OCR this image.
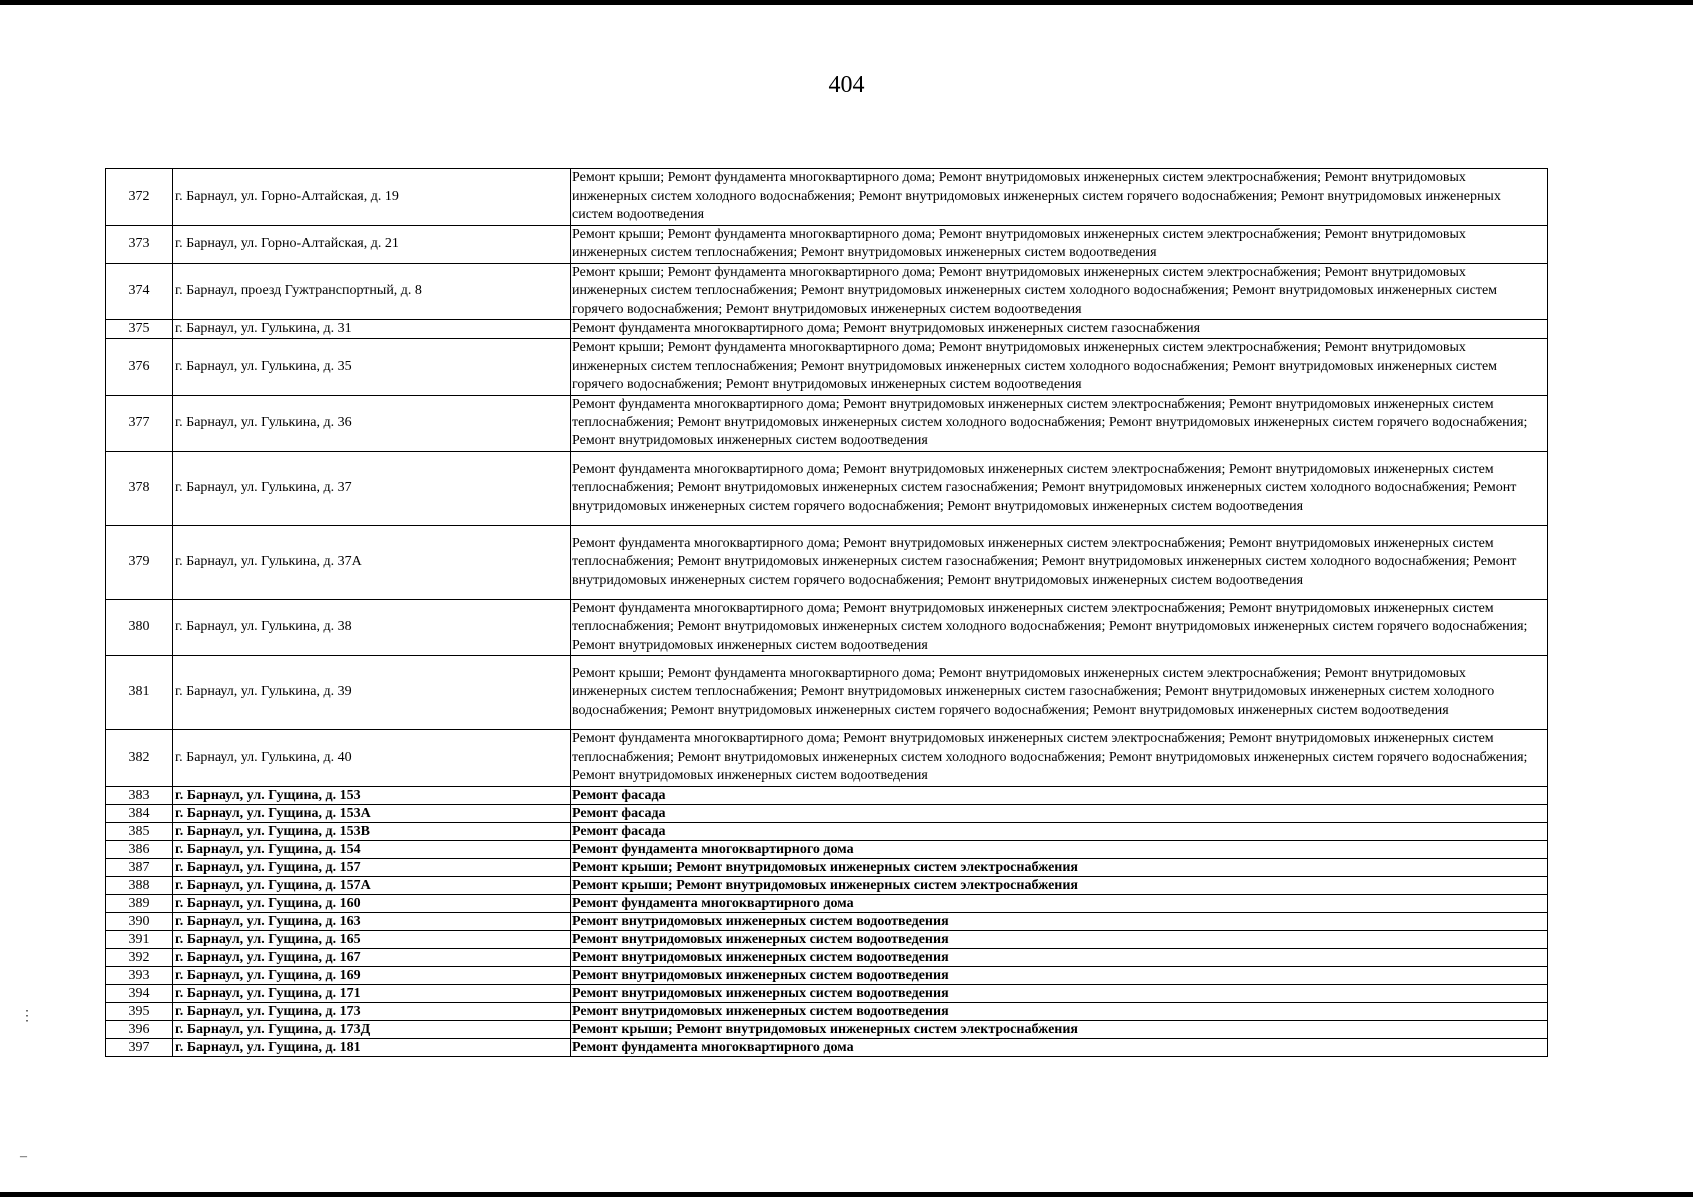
404
372	г. Барнаул, ул. Горно-Алтайская, д. 19	Ремонт крыши; Ремонт фундамента многоквартирного дома; Ремонт внутридомовых инженерных систем электроснабжения; Ремонт внутридомовых инженерных систем холодного водоснабжения; Ремонт внутридомовых инженерных систем горячего водоснабжения; Ремонт внутридомовых инженерных систем водоотведения
373	г. Барнаул, ул. Горно-Алтайская, д. 21	Ремонт крыши; Ремонт фундамента многоквартирного дома; Ремонт внутридомовых инженерных систем электроснабжения; Ремонт внутридомовых инженерных систем теплоснабжения; Ремонт внутридомовых инженерных систем водоотведения
374	г. Барнаул, проезд Гужтранспортный, д. 8	Ремонт крыши; Ремонт фундамента многоквартирного дома; Ремонт внутридомовых инженерных систем электроснабжения; Ремонт внутридомовых инженерных систем теплоснабжения; Ремонт внутридомовых инженерных систем холодного водоснабжения; Ремонт внутридомовых инженерных систем горячего водоснабжения; Ремонт внутридомовых инженерных систем водоотведения
375	г. Барнаул, ул. Гулькина, д. 31	Ремонт фундамента многоквартирного дома; Ремонт внутридомовых инженерных систем газоснабжения
376	г. Барнаул, ул. Гулькина, д. 35	Ремонт крыши; Ремонт фундамента многоквартирного дома; Ремонт внутридомовых инженерных систем электроснабжения; Ремонт внутридомовых инженерных систем теплоснабжения; Ремонт внутридомовых инженерных систем холодного водоснабжения; Ремонт внутридомовых инженерных систем горячего водоснабжения; Ремонт внутридомовых инженерных систем водоотведения
377	г. Барнаул, ул. Гулькина, д. 36	Ремонт фундамента многоквартирного дома; Ремонт внутридомовых инженерных систем электроснабжения; Ремонт внутридомовых инженерных систем теплоснабжения; Ремонт внутридомовых инженерных систем холодного водоснабжения; Ремонт внутридомовых инженерных систем горячего водоснабжения; Ремонт внутридомовых инженерных систем водоотведения
378	г. Барнаул, ул. Гулькина, д. 37	Ремонт фундамента многоквартирного дома; Ремонт внутридомовых инженерных систем электроснабжения; Ремонт внутридомовых инженерных систем теплоснабжения; Ремонт внутридомовых инженерных систем газоснабжения; Ремонт внутридомовых инженерных систем холодного водоснабжения; Ремонт внутридомовых инженерных систем горячего водоснабжения; Ремонт внутридомовых инженерных систем водоотведения
379	г. Барнаул, ул. Гулькина, д. 37А	Ремонт фундамента многоквартирного дома; Ремонт внутридомовых инженерных систем электроснабжения; Ремонт внутридомовых инженерных систем теплоснабжения; Ремонт внутридомовых инженерных систем газоснабжения; Ремонт внутридомовых инженерных систем холодного водоснабжения; Ремонт внутридомовых инженерных систем горячего водоснабжения; Ремонт внутридомовых инженерных систем водоотведения
380	г. Барнаул, ул. Гулькина, д. 38	Ремонт фундамента многоквартирного дома; Ремонт внутридомовых инженерных систем электроснабжения; Ремонт внутридомовых инженерных систем теплоснабжения; Ремонт внутридомовых инженерных систем холодного водоснабжения; Ремонт внутридомовых инженерных систем горячего водоснабжения; Ремонт внутридомовых инженерных систем водоотведения
381	г. Барнаул, ул. Гулькина, д. 39	Ремонт крыши; Ремонт фундамента многоквартирного дома; Ремонт внутридомовых инженерных систем электроснабжения; Ремонт внутридомовых инженерных систем теплоснабжения; Ремонт внутридомовых инженерных систем газоснабжения; Ремонт внутридомовых инженерных систем холодного водоснабжения; Ремонт внутридомовых инженерных систем горячего водоснабжения; Ремонт внутридомовых инженерных систем водоотведения
382	г. Барнаул, ул. Гулькина, д. 40	Ремонт фундамента многоквартирного дома; Ремонт внутридомовых инженерных систем электроснабжения; Ремонт внутридомовых инженерных систем теплоснабжения; Ремонт внутридомовых инженерных систем холодного водоснабжения; Ремонт внутридомовых инженерных систем горячего водоснабжения; Ремонт внутридомовых инженерных систем водоотведения
383	г. Барнаул, ул. Гущина, д. 153	Ремонт фасада
384	г. Барнаул, ул. Гущина, д. 153А	Ремонт фасада
385	г. Барнаул, ул. Гущина, д. 153В	Ремонт фасада
386	г. Барнаул, ул. Гущина, д. 154	Ремонт фундамента многоквартирного дома
387	г. Барнаул, ул. Гущина, д. 157	Ремонт крыши; Ремонт внутридомовых инженерных систем электроснабжения
388	г. Барнаул, ул. Гущина, д. 157А	Ремонт крыши; Ремонт внутридомовых инженерных систем электроснабжения
389	г. Барнаул, ул. Гущина, д. 160	Ремонт фундамента многоквартирного дома
390	г. Барнаул, ул. Гущина, д. 163	Ремонт внутридомовых инженерных систем водоотведения
391	г. Барнаул, ул. Гущина, д. 165	Ремонт внутридомовых инженерных систем водоотведения
392	г. Барнаул, ул. Гущина, д. 167	Ремонт внутридомовых инженерных систем водоотведения
393	г. Барнаул, ул. Гущина, д. 169	Ремонт внутридомовых инженерных систем водоотведения
394	г. Барнаул, ул. Гущина, д. 171	Ремонт внутридомовых инженерных систем водоотведения
395	г. Барнаул, ул. Гущина, д. 173	Ремонт внутридомовых инженерных систем водоотведения
396	г. Барнаул, ул. Гущина, д. 173Д	Ремонт крыши; Ремонт внутридомовых инженерных систем электроснабжения
397	г. Барнаул, ул. Гущина, д. 181	Ремонт фундамента многоквартирного дома
⋮
–
